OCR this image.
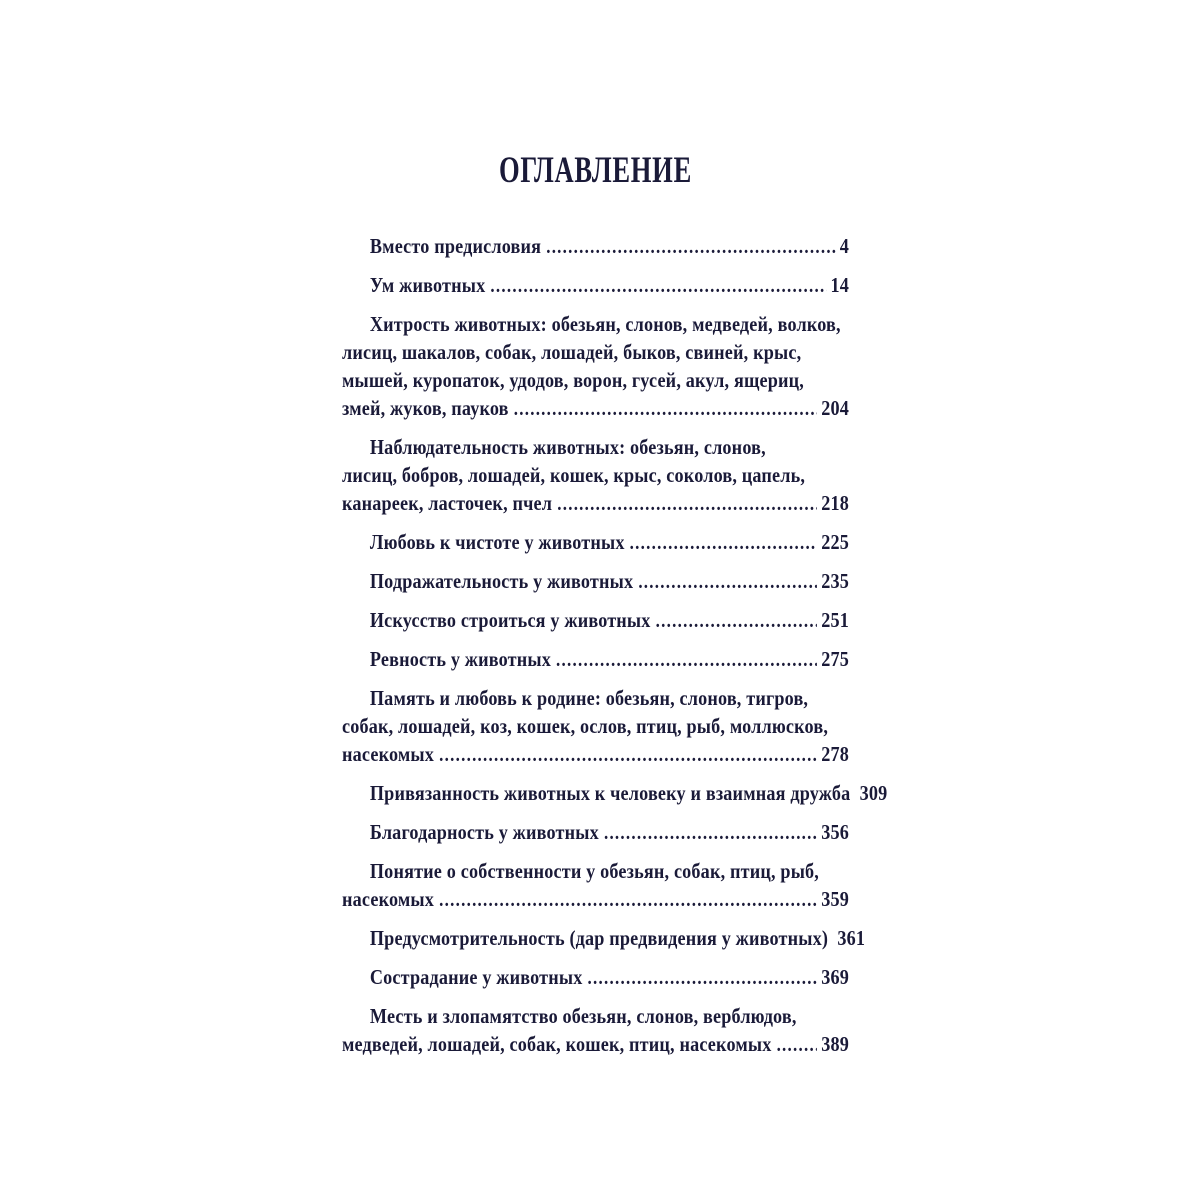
ОГЛАВЛЕНИЕ
Вместо предисловия .....	4
Ум животных .....	14
Хитрость животных: обезьян, слонов, медведей, волков,
лисиц, шакалов, собак, лошадей, быков, свиней, крыс,
мышей, куропаток, удодов, ворон, гусей, акул, ящериц,
змей, жуков, пауков .....	204
Наблюдательность животных: обезьян, слонов,
лисиц, бобров, лошадей, кошек, крыс, соколов, цапель,
канареек, ласточек, пчел .....	218
Любовь к чистоте у животных .....	225
Подражательность у животных .....	235
Искусство строиться у животных .....	251
Ревность у животных .....	275
Память и любовь к родине: обезьян, слонов, тигров,
собак, лошадей, коз, кошек, ослов, птиц, рыб, моллюсков,
насекомых .....	278
Привязанность животных к человеку и взаимная дружба 309
Благодарность у животных .....	356
Понятие о собственности у обезьян, собак, птиц, рыб,
насекомых .....	359
Предусмотрительность (дар предвидения у животных) 361
Сострадание у животных .....	369
Месть и злопамятство обезьян, слонов, верблюдов,
медведей, лошадей, собак, кошек, птиц, насекомых ..... 389
